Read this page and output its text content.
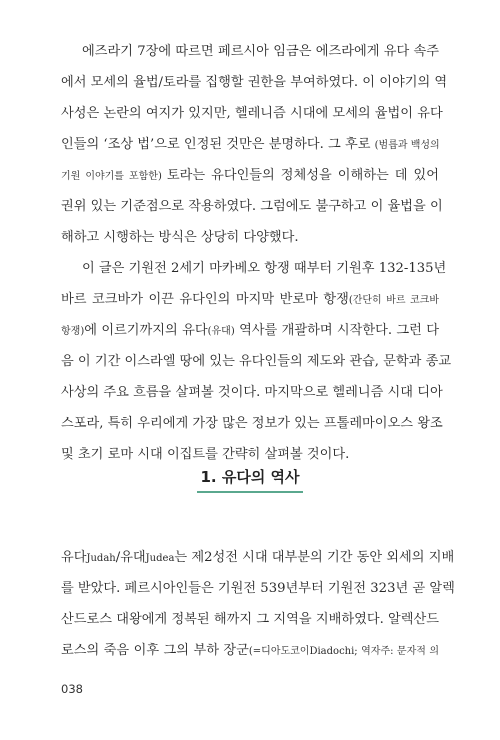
에즈라기 7장에 따르면 페르시아 임금은 에즈라에게 유다 속주
에서 모세의 율법/토라를 집행할 권한을 부여하였다. 이 이야기의 역
사성은 논란의 여지가 있지만, 헬레니즘 시대에 모세의 율법이 유다
인들의 ‘조상 법’으로 인정된 것만은 분명하다. 그 후로 (범릅과 백성의
기원 이야기를 포함한) 토라는 유다인들의 정체성을 이해하는 데 있어
권위 있는 기준점으로 작용하였다. 그럼에도 불구하고 이 율법을 이
해하고 시행하는 방식은 상당히 다양했다.
이 글은 기원전 2세기 마카베오 항쟁 때부터 기원후 132-135년
바르 코크바가 이끈 유다인의 마지막 반로마 항쟁(간단히 바르 코크바
항쟁)에 이르기까지의 유다(유대) 역사를 개괄하며 시작한다. 그런 다
음 이 기간 이스라엘 땅에 있는 유다인들의 제도와 관습, 문학과 종교
사상의 주요 흐름을 살펴볼 것이다. 마지막으로 헬레니즘 시대 디아
스포라, 특히 우리에게 가장 많은 정보가 있는 프톨레마이오스 왕조
및 초기 로마 시대 이집트를 간략히 살펴볼 것이다.
1. 유다의 역사
유다Judah/유대Judea는 제2성전 시대 대부분의 기간 동안 외세의 지배
를 받았다. 페르시아인들은 기원전 539년부터 기원전 323년 곧 알렉
산드로스 대왕에게 정복된 해까지 그 지역을 지배하였다. 알렉산드
로스의 죽음 이후 그의 부하 장군(=디아도코이Diadochi; 역자주: 문자적 의
038
